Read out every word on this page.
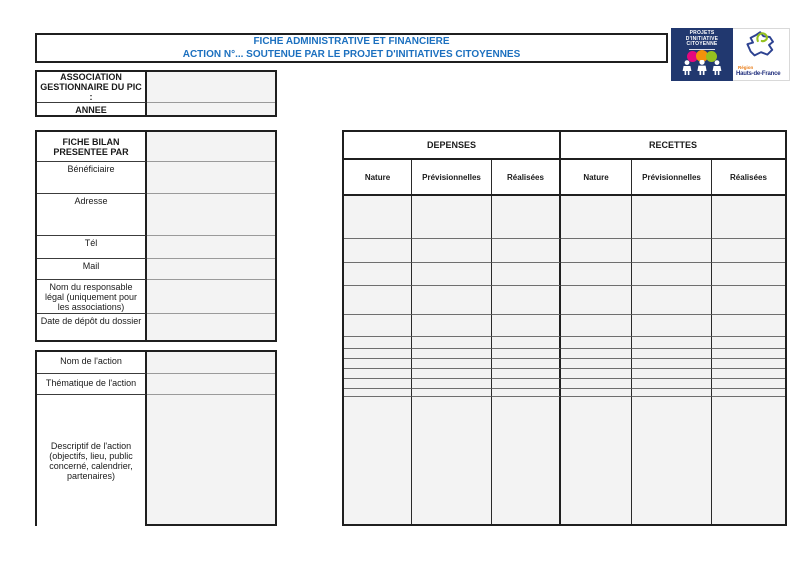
FICHE ADMINISTRATIVE ET FINANCIERE
ACTION N°... SOUTENUE PAR LE PROJET D'INITIATIVES CITOYENNES
PROJETS
D'INITIATIVE
CITOYENNE
Région
Hauts-de-France
ASSOCIATION GESTIONNAIRE DU PIC :
ANNEE
FICHE BILAN PRESENTEE PAR
Bénéficiaire
Adresse
Tél
Mail
Nom du responsable légal (uniquement pour les associations)
Date de dépôt du dossier
Nom de l'action
Thématique de l'action
Descriptif de l'action (objectifs, lieu, public concerné, calendrier, partenaires)
DEPENSES	RECETTES
Nature	Prévisionnelles	Réalisées	Nature	Prévisionnelles	Réalisées
